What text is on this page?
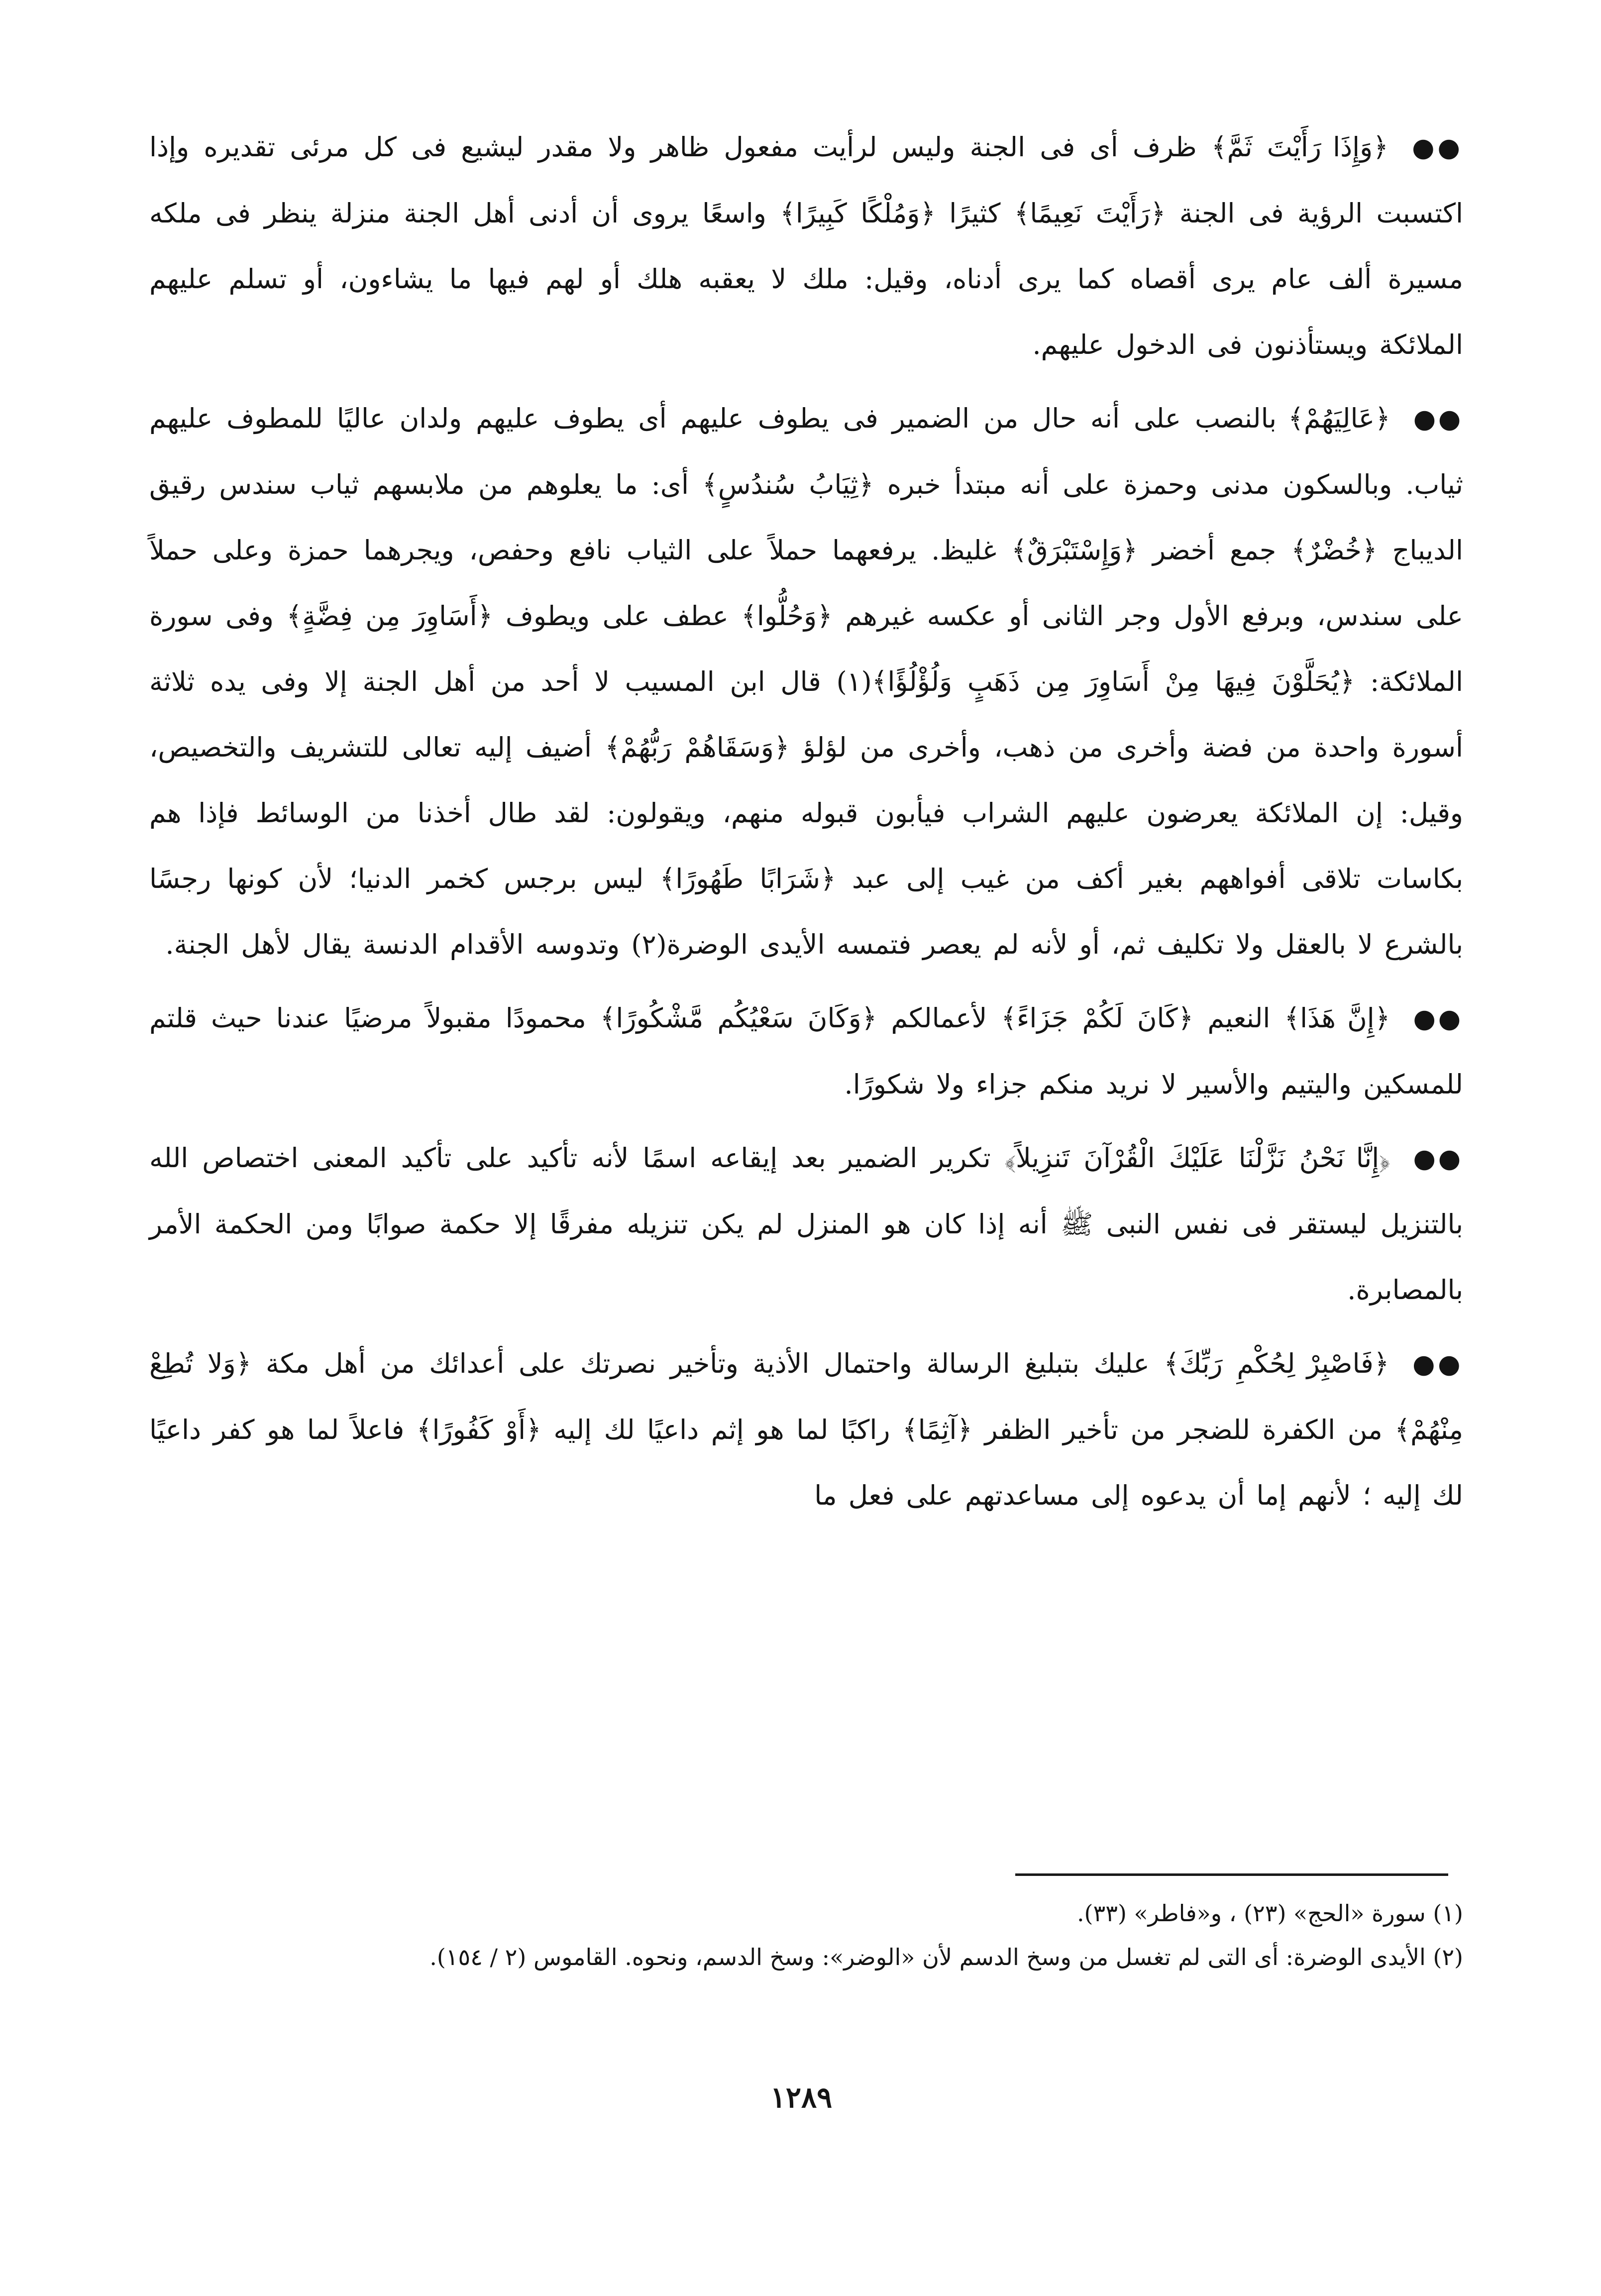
●●

﴿وَإِذَا رَأَيْتَ ثَمَّ﴾ ظرف أى فى الجنة وليس لرأيت مفعول ظاهر ولا مقدر ليشيع فى كل مرئى تقديره وإذا اكتسبت الرؤية فى الجنة ﴿رَأَيْتَ نَعِيمًا﴾ كثيرًا ﴿وَمُلْكًا كَبِيرًا﴾ واسعًا يروى أن أدنى أهل الجنة منزلة ينظر فى ملكه مسيرة ألف عام يرى أقصاه كما يرى أدناه، وقيل: ملك لا يعقبه هلك أو لهم فيها ما يشاءون، أو تسلم عليهم الملائكة ويستأذنون فى الدخول عليهم.

●●

﴿عَالِيَهُمْ﴾ بالنصب على أنه حال من الضمير فى يطوف عليهم أى يطوف عليهم ولدان عاليًا للمطوف عليهم ثياب. وبالسكون مدنى وحمزة على أنه مبتدأ خبره ﴿ثِيَابُ سُندُسٍ﴾ أى: ما يعلوهم من ملابسهم ثياب سندس رقيق الديباج ﴿خُضْرٌ﴾ جمع أخضر ﴿وَإِسْتَبْرَقٌ﴾ غليظ. يرفعهما حملاً على الثياب نافع وحفص، ويجرهما حمزة وعلى حملاً على سندس، وبرفع الأول وجر الثانى أو عكسه غيرهم ﴿وَحُلُّوا﴾ عطف على ويطوف ﴿أَسَاوِرَ مِن فِضَّةٍ﴾ وفى سورة الملائكة: ﴿يُحَلَّوْنَ فِيهَا مِنْ أَسَاوِرَ مِن ذَهَبٍ وَلُؤْلُؤًا﴾(١) قال ابن المسيب لا أحد من أهل الجنة إلا وفى يده ثلاثة أسورة واحدة من فضة وأخرى من ذهب، وأخرى من لؤلؤ ﴿وَسَقَاهُمْ رَبُّهُمْ﴾ أضيف إليه تعالى للتشريف والتخصيص، وقيل: إن الملائكة يعرضون عليهم الشراب فيأبون قبوله منهم، ويقولون: لقد طال أخذنا من الوسائط فإذا هم بكاسات تلاقى أفواههم بغير أكف من غيب إلى عبد ﴿شَرَابًا طَهُورًا﴾ ليس برجس كخمر الدنيا؛ لأن كونها رجسًا بالشرع لا بالعقل ولا تكليف ثم، أو لأنه لم يعصر فتمسه الأيدى الوضرة(٢) وتدوسه الأقدام الدنسة يقال لأهل الجنة.

●●

﴿إِنَّ هَذَا﴾ النعيم ﴿كَانَ لَكُمْ جَزَاءً﴾ لأعمالكم ﴿وَكَانَ سَعْيُكُم مَّشْكُورًا﴾ محمودًا مقبولاً مرضيًا عندنا حيث قلتم للمسكين واليتيم والأسير لا نريد منكم جزاء ولا شكورًا.

●●

﴿إِنَّا نَحْنُ نَزَّلْنَا عَلَيْكَ الْقُرْآنَ تَنزِيلاً﴾ تكرير الضمير بعد إيقاعه اسمًا لأنه تأكيد على تأكيد المعنى اختصاص الله بالتنزيل ليستقر فى نفس النبى ﷺ أنه إذا كان هو المنزل لم يكن تنزيله مفرقًا إلا حكمة صوابًا ومن الحكمة الأمر بالمصابرة.

●●

﴿فَاصْبِرْ لِحُكْمِ رَبِّكَ﴾ عليك بتبليغ الرسالة واحتمال الأذية وتأخير نصرتك على أعدائك من أهل مكة ﴿وَلا تُطِعْ مِنْهُمْ﴾ من الكفرة للضجر من تأخير الظفر ﴿آثِمًا﴾ راكبًا لما هو إثم داعيًا لك إليه ﴿أَوْ كَفُورًا﴾ فاعلاً لما هو كفر داعيًا لك إليه ؛ لأنهم إما أن يدعوه إلى مساعدتهم على فعل ما

(١) سورة «الحج» (٢٣) ، و«فاطر» (٣٣).

(٢) الأيدى الوضرة: أى التى لم تغسل من وسخ الدسم لأن «الوضر»: وسخ الدسم، ونحوه. القاموس (٢ / ١٥٤).

١٢٨٩
